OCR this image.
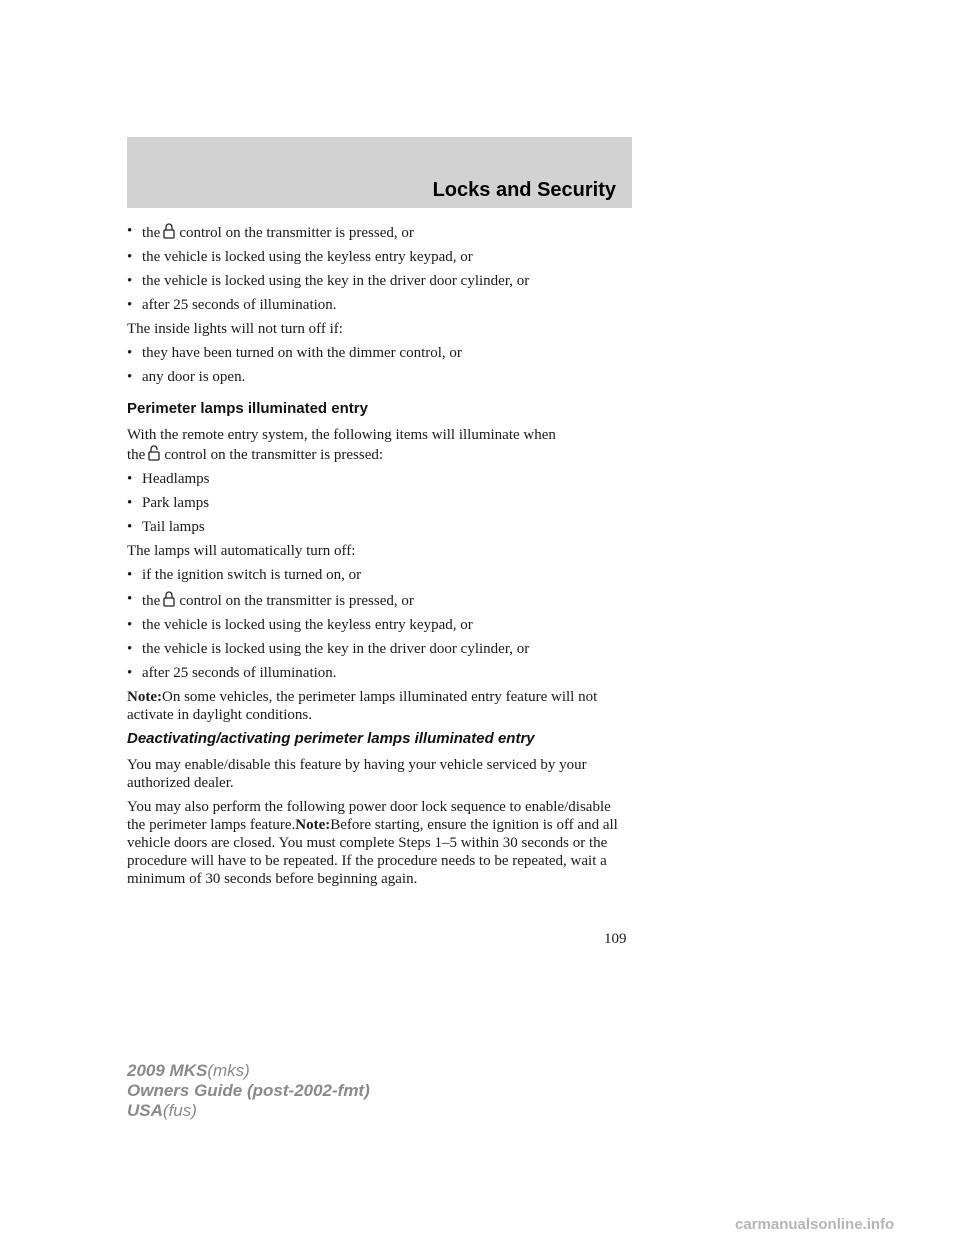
Locks and Security
• the control on the transmitter is pressed, or
• the vehicle is locked using the keyless entry keypad, or
• the vehicle is locked using the key in the driver door cylinder, or
• after 25 seconds of illumination.

The inside lights will not turn off if:

• they have been turned on with the dimmer control, or
• any door is open.
Perimeter lamps illuminated entry

With the remote entry system, the following items will illuminate when
the control on the transmitter is pressed:

• Headlamps
• Park lamps
• Tail lamps

The lamps will automatically turn off:

• if the ignition switch is turned on, or
• the control on the transmitter is pressed, or
• the vehicle is locked using the keyless entry keypad, or
• the vehicle is locked using the key in the driver door cylinder, or
• after 25 seconds of illumination.

Note:On some vehicles, the perimeter lamps illuminated entry feature will not activate in daylight conditions.

Deactivating/activating perimeter lamps illuminated entry

You may enable/disable this feature by having your vehicle serviced by your authorized dealer.

You may also perform the following power door lock sequence to enable/disable the perimeter lamps feature.Note:Before starting, ensure the ignition is off and all vehicle doors are closed. You must complete Steps 1–5 within 30 seconds or the procedure will have to be repeated. If the procedure needs to be repeated, wait a minimum of 30 seconds before beginning again.

109
2009 MKS(mks)
Owners Guide (post-2002-fmt)
USA(fus)
carmanualsonline.info
